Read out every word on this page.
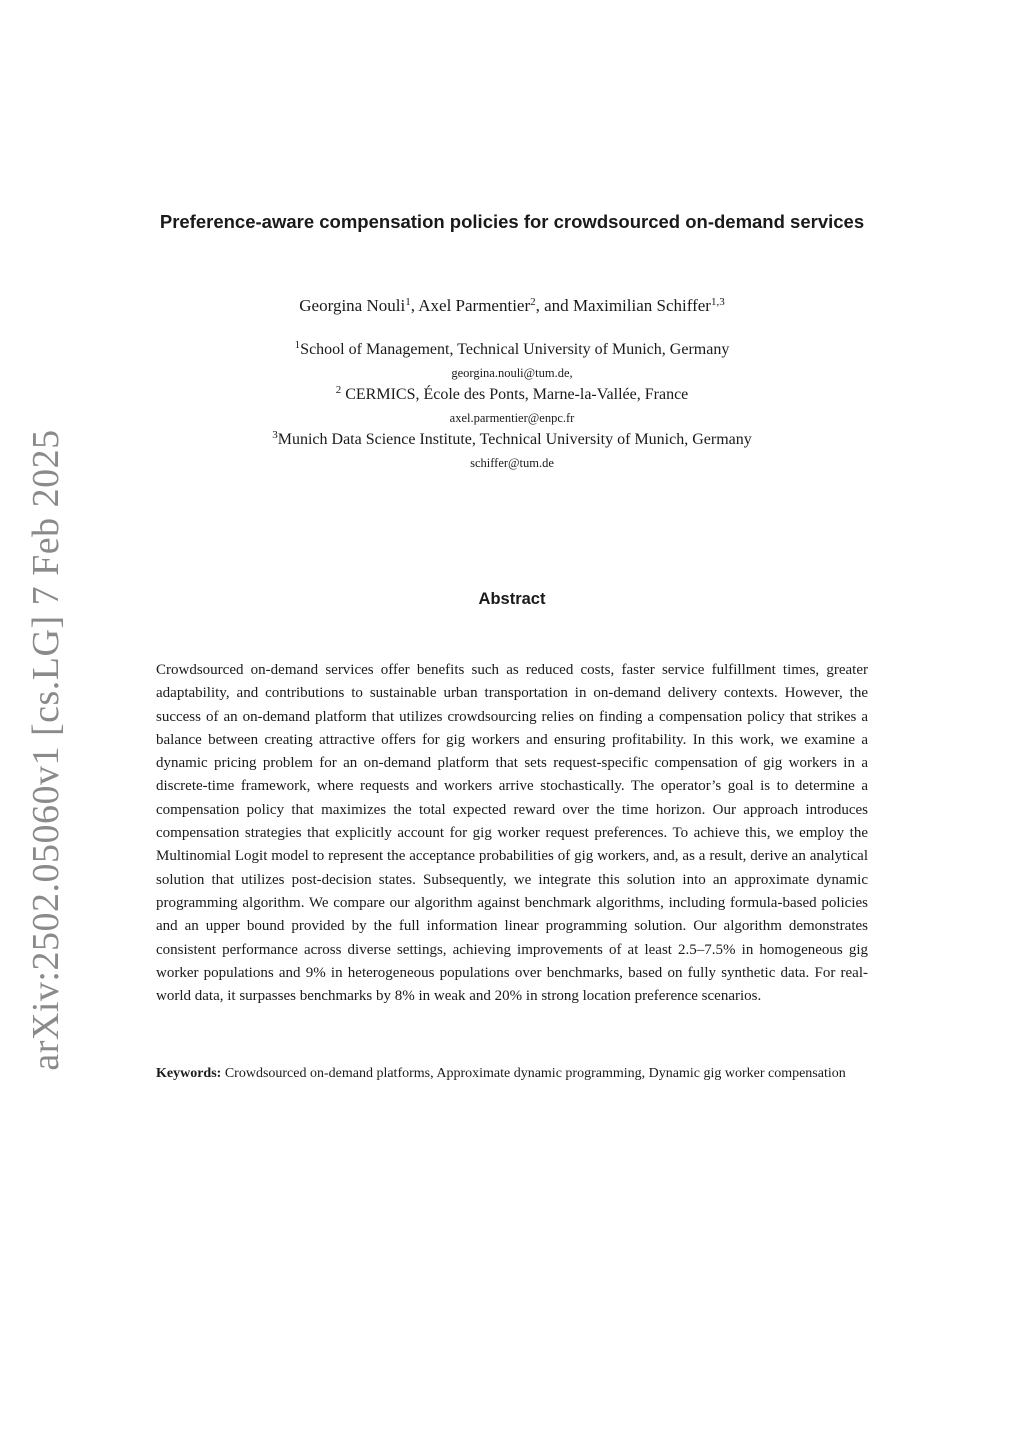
arXiv:2502.05060v1 [cs.LG] 7 Feb 2025
Preference-aware compensation policies for crowdsourced on-demand services
Georgina Nouli$^1$, Axel Parmentier$^2$, and Maximilian Schiffer$^{1,3}$
$^1$School of Management, Technical University of Munich, Germany
georgina.nouli@tum.de,
$^2$ CERMICS, École des Ponts, Marne-la-Vallée, France
axel.parmentier@enpc.fr
$^3$Munich Data Science Institute, Technical University of Munich, Germany
schiffer@tum.de
Abstract
Crowdsourced on-demand services offer benefits such as reduced costs, faster service fulfillment times, greater adaptability, and contributions to sustainable urban transportation in on-demand delivery contexts. However, the success of an on-demand platform that utilizes crowdsourcing relies on finding a compensation policy that strikes a balance between creating attractive offers for gig workers and ensuring profitability. In this work, we examine a dynamic pricing problem for an on-demand platform that sets request-specific compensation of gig workers in a discrete-time framework, where requests and workers arrive stochastically. The operator’s goal is to determine a compensation policy that maximizes the total expected reward over the time horizon. Our approach introduces compensation strategies that explicitly account for gig worker request preferences. To achieve this, we employ the Multinomial Logit model to represent the acceptance probabilities of gig workers, and, as a result, derive an analytical solution that utilizes post-decision states. Subsequently, we integrate this solution into an approximate dynamic programming algorithm. We compare our algorithm against benchmark algorithms, including formula-based policies and an upper bound provided by the full information linear programming solution. Our algorithm demonstrates consistent performance across diverse settings, achieving improvements of at least 2.5–7.5% in homogeneous gig worker populations and 9% in heterogeneous populations over benchmarks, based on fully synthetic data. For real-world data, it surpasses benchmarks by 8% in weak and 20% in strong location preference scenarios.
Keywords: Crowdsourced on-demand platforms, Approximate dynamic programming, Dynamic gig worker compensation
